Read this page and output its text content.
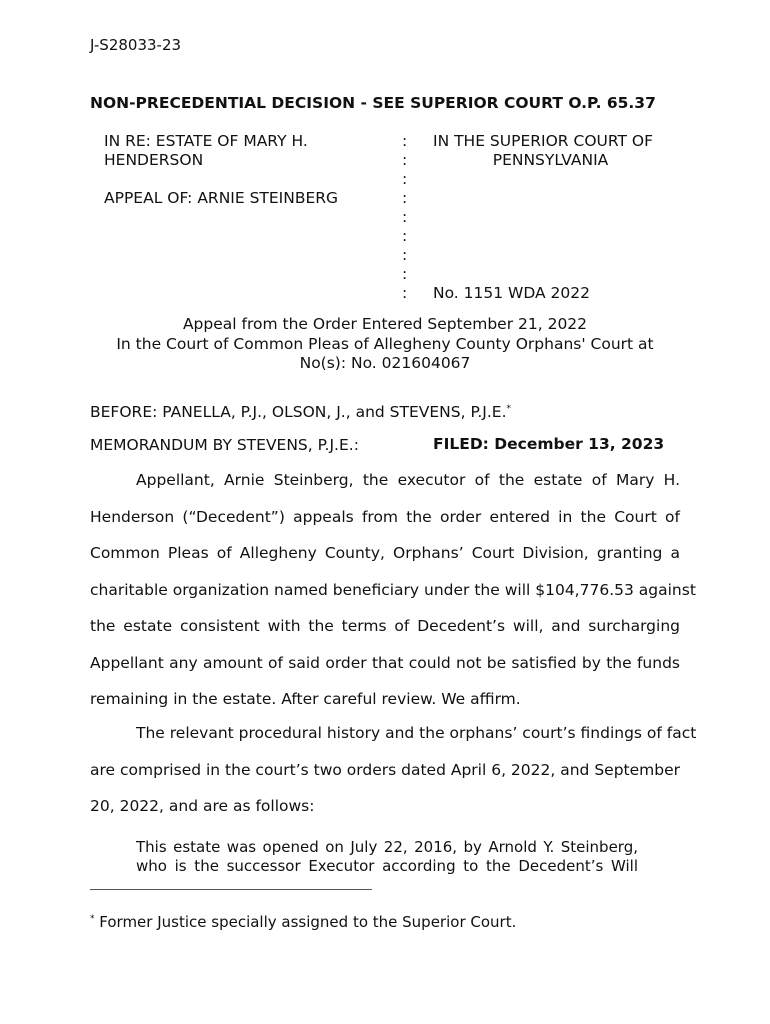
J-S28033-23
NON-PRECEDENTIAL DECISION - SEE SUPERIOR COURT O.P. 65.37
IN RE: ESTATE OF MARY H.
HENDERSON
APPEAL OF: ARNIE STEINBERG
:
:
:
:
:
:
:
:
:
IN THE SUPERIOR COURT OF
PENNSYLVANIA
No. 1151 WDA 2022
Appeal from the Order Entered September 21, 2022
In the Court of Common Pleas of Allegheny County Orphans' Court at
No(s): No. 021604067
BEFORE: PANELLA, P.J., OLSON, J., and STEVENS, P.J.E.*
MEMORANDUM BY STEVENS, P.J.E.:	FILED: December 13, 2023
Appellant, Arnie Steinberg, the executor of the estate of Mary H.
Henderson (“Decedent”) appeals from the order entered in the Court of
Common Pleas of Allegheny County, Orphans’ Court Division, granting a
charitable organization named beneficiary under the will $104,776.53 against
the estate consistent with the terms of Decedent’s will, and surcharging
Appellant any amount of said order that could not be satisfied by the funds
remaining in the estate. After careful review. We affirm.
The relevant procedural history and the orphans’ court’s findings of fact
are comprised in the court’s two orders dated April 6, 2022, and September
20, 2022, and are as follows:
This estate was opened on July 22, 2016, by Arnold Y. Steinberg,
who is the successor Executor according to the Decedent’s Will
* Former Justice specially assigned to the Superior Court.
